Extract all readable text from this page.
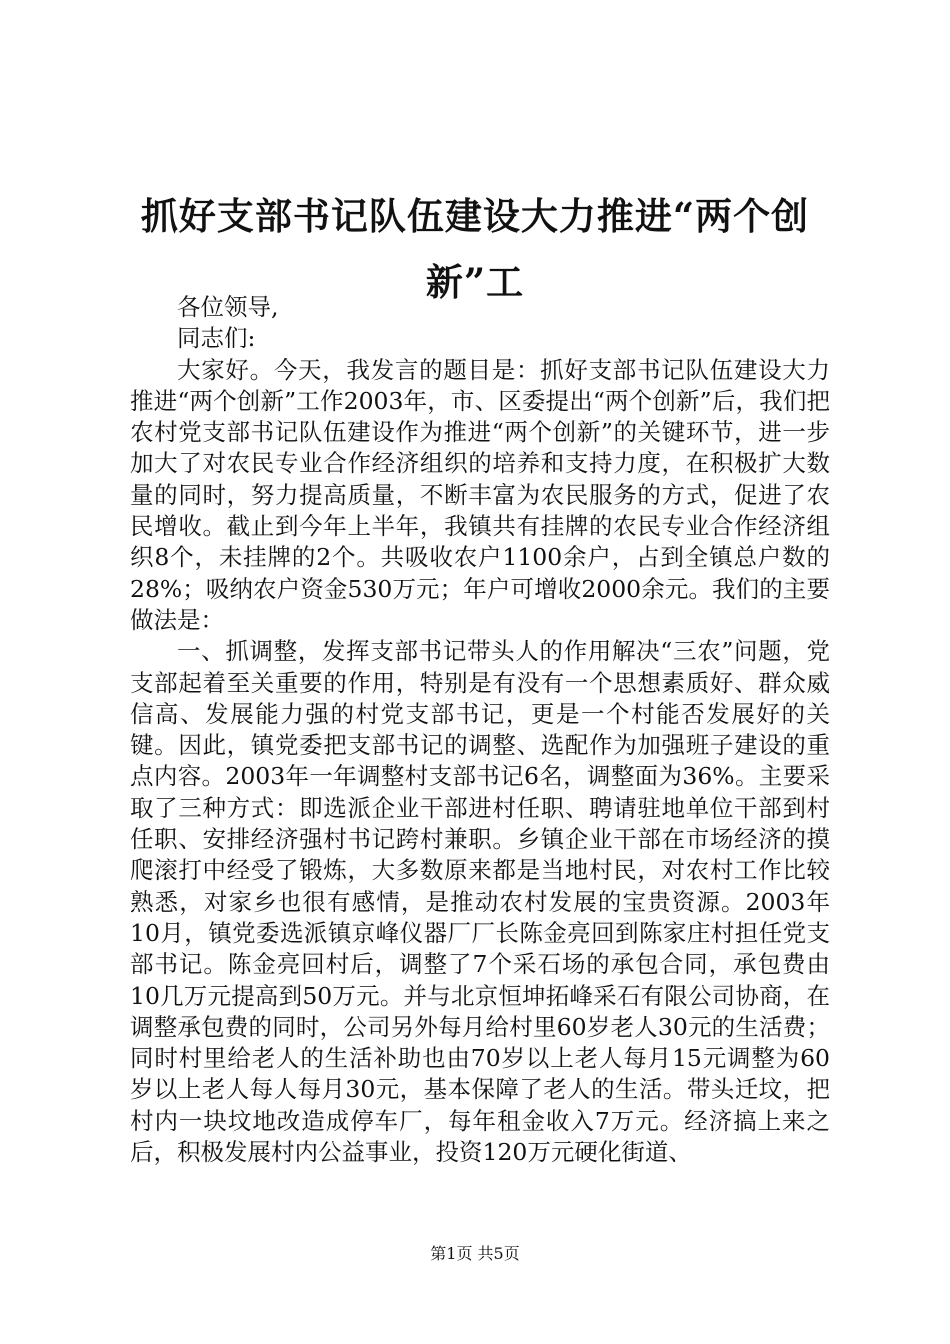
抓好支部书记队伍建设大力推进“两个创新”工

各位领导,

同志们:

大家好。今天，我发言的题目是：抓好支部书记队伍建设大力推进“两个创新”工作2003年，市、区委提出“两个创新”后，我们把农村党支部书记队伍建设作为推进“两个创新”的关键环节，进一步加大了对农民专业合作经济组织的培养和支持力度，在积极扩大数量的同时，努力提高质量，不断丰富为农民服务的方式，促进了农民增收。截止到今年上半年，我镇共有挂牌的农民专业合作经济组织8个，未挂牌的2个。共吸收农户1100余户，占到全镇总户数的28%；吸纳农户资金530万元；年户可增收2000余元。我们的主要做法是：

一、抓调整，发挥支部书记带头人的作用解决“三农”问题，党支部起着至关重要的作用，特别是有没有一个思想素质好、群众威信高、发展能力强的村党支部书记，更是一个村能否发展好的关键。因此，镇党委把支部书记的调整、选配作为加强班子建设的重点内容。2003年一年调整村支部书记6名，调整面为36%。主要采取了三种方式：即选派企业干部进村任职、聘请驻地单位干部到村任职、安排经济强村书记跨村兼职。乡镇企业干部在市场经济的摸爬滚打中经受了锻炼，大多数原来都是当地村民，对农村工作比较熟悉，对家乡也很有感情，是推动农村发展的宝贵资源。2003年10月，镇党委选派镇京峰仪器厂厂长陈金亮回到陈家庄村担任党支部书记。陈金亮回村后，调整了7个采石场的承包合同，承包费由10几万元提高到50万元。并与北京恒坤拓峰采石有限公司协商，在调整承包费的同时，公司另外每月给村里60岁老人30元的生活费；同时村里给老人的生活补助也由70岁以上老人每月15元调整为60岁以上老人每人每月30元，基本保障了老人的生活。带头迁坟，把村内一块坟地改造成停车厂，每年租金收入7万元。经济搞上来之后，积极发展村内公益事业，投资120万元硬化街道、

第1页 共5页
